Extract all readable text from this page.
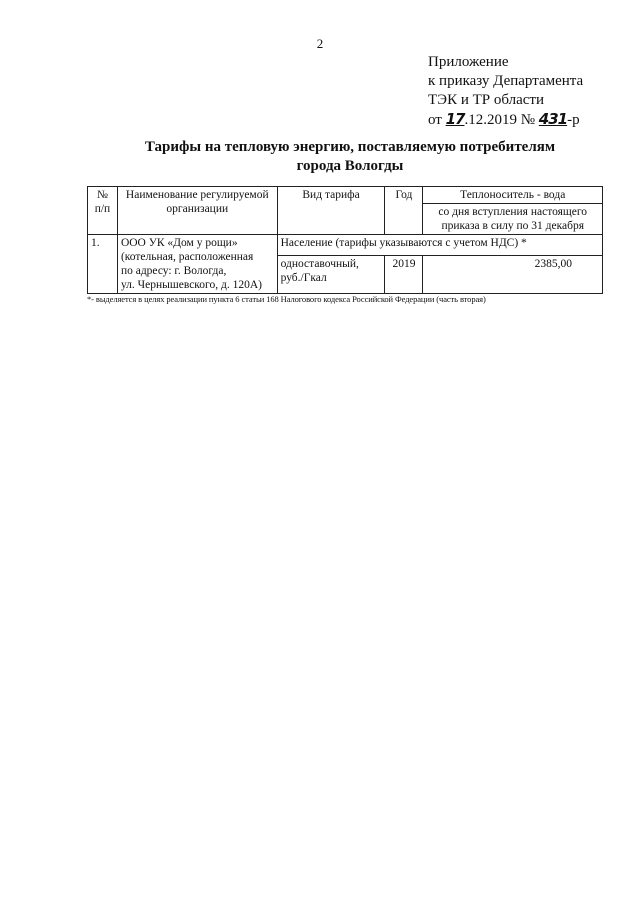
2
Приложение
к приказу Департамента
ТЭК и ТР области
от 17.12.2019 № 431-р
Тарифы на тепловую энергию, поставляемую потребителям
города Вологды
№ п/п	Наименование регулируемой организации	Вид тарифа	Год	Теплоноситель - вода
				со дня вступления настоящего приказа в силу по 31 декабря
1.	ООО УК «Дом у рощи»
(котельная, расположенная
по адресу: г. Вологда,
ул. Чернышевского, д. 120А)	Население (тарифы указываются с учетом НДС) *		
		одноставочный, руб./Гкал	2019	2385,00
*- выделяется в целях реализации пункта 6 статьи 168 Налогового кодекса Российской Федерации (часть вторая)
